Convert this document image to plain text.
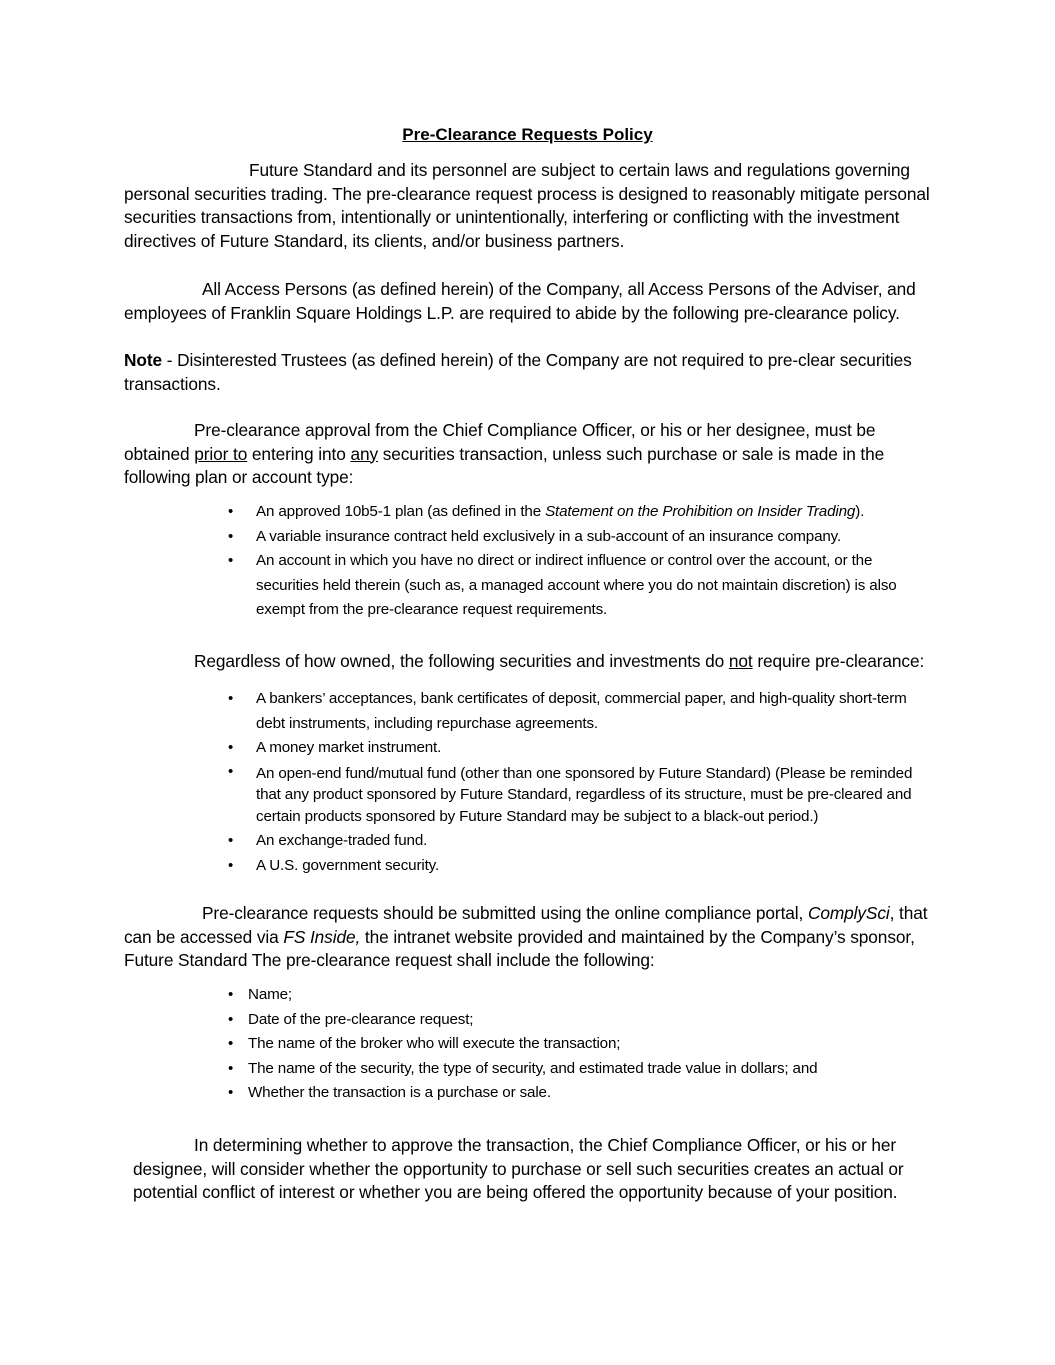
Pre-Clearance Requests Policy
Future Standard and its personnel are subject to certain laws and regulations governing personal securities trading. The pre-clearance request process is designed to reasonably mitigate personal securities transactions from, intentionally or unintentionally, interfering or conflicting with the investment directives of Future Standard, its clients, and/or business partners.
All Access Persons (as defined herein) of the Company, all Access Persons of the Adviser, and employees of Franklin Square Holdings L.P. are required to abide by the following pre-clearance policy.
Note - Disinterested Trustees (as defined herein) of the Company are not required to pre-clear securities transactions.
Pre-clearance approval from the Chief Compliance Officer, or his or her designee, must be obtained prior to entering into any securities transaction, unless such purchase or sale is made in the following plan or account type:
• An approved 10b5-1 plan (as defined in the Statement on the Prohibition on Insider Trading).
• A variable insurance contract held exclusively in a sub-account of an insurance company.
• An account in which you have no direct or indirect influence or control over the account, or the securities held therein (such as, a managed account where you do not maintain discretion) is also exempt from the pre-clearance request requirements.
Regardless of how owned, the following securities and investments do not require pre-clearance:
• A bankers’ acceptances, bank certificates of deposit, commercial paper, and high-quality short-term debt instruments, including repurchase agreements.
• A money market instrument.
• An open-end fund/mutual fund (other than one sponsored by Future Standard) (Please be reminded that any product sponsored by Future Standard, regardless of its structure, must be pre-cleared and certain products sponsored by Future Standard may be subject to a black-out period.)
• An exchange-traded fund.
• A U.S. government security.
Pre-clearance requests should be submitted using the online compliance portal, ComplySci, that can be accessed via FS Inside, the intranet website provided and maintained by the Company’s sponsor, Future Standard The pre-clearance request shall include the following:
• Name;
• Date of the pre-clearance request;
• The name of the broker who will execute the transaction;
• The name of the security, the type of security, and estimated trade value in dollars; and
• Whether the transaction is a purchase or sale.
In determining whether to approve the transaction, the Chief Compliance Officer, or his or her designee, will consider whether the opportunity to purchase or sell such securities creates an actual or potential conflict of interest or whether you are being offered the opportunity because of your position.
